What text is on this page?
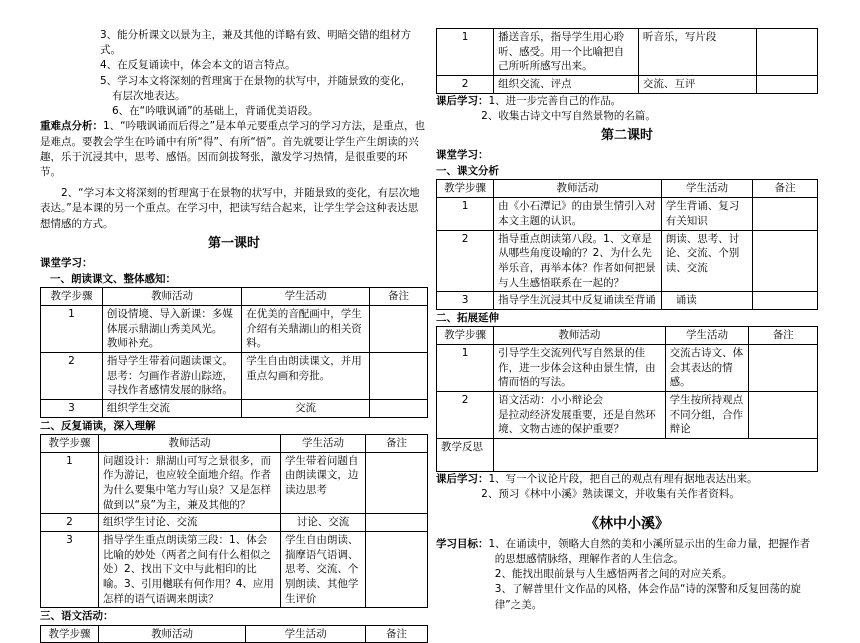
3、能分析课文以景为主，兼及其他的详略有致、明暗交错的组材方式。

4、在反复诵读中，体会本文的语言特点。

5、学习本文将深刻的哲理寓于在景物的状写中，并随景致的变化，

有层次地表达。

6、在“吟哦讽诵”的基础上，背诵优美语段。

重难点分析：1、“吟哦讽诵而后得之”是本单元要重点学习的学习方法，是重点，也是难点。要教会学生在吟诵中有所“得”、有所“悟”。首先就要让学生产生朗读的兴趣，乐于沉浸其中，思考、感悟。因而剑拔弩张，激发学习热情，是很重要的环节。

2、“学习本文将深刻的哲理寓于在景物的状写中，并随景致的变化，有层次地表达。”是本课的另一个重点。在学习中，把读写结合起来，让学生学会这种表达思想情感的方式。

第一课时

课堂学习：

一、朗读课文、整体感知：

教学步骤	教师活动	学生活动	备注
1	创设情境、导入新课：多媒体展示鼎湖山秀美风光。
教师补充。	在优美的音配画中，学生介绍有关鼎湖山的相关资料。	
2	指导学生带着问题读课文。思考：匀画作者游山踪迹，寻找作者感情发展的脉络。	学生自由朗读课文，并用重点勾画和旁批。	
3	组织学生交流	交流	

二、反复诵读，深入理解

教学步骤	教师活动	学生活动	备注
1	问题设计：鼎湖山可写之景很多，而作为游记，也应较全面地介绍。作者为什么要集中笔力写山泉？又是怎样做到以“泉”为主，兼及其他的？	学生带着问题自由朗读课文，边读边思考	
2	组织学生讨论、交流	讨论、交流	
3	指导学生重点朗读第三段：1、体会比喻的妙处（两者之间有什么相似之处）2、找出下文中与此相印的比喻。3、引用樾联有何作用？4、应用怎样的语气语调来朗读？	学生自由朗读、揣摩语气语调、思考、交流、个别朗读、其他学生评价	

三、语文活动：

教学步骤	教师活动	学生活动	备注
1	播送音乐，指导学生用心聆听、感受。用一个比喻把自己所听所感写出来。	听音乐，写片段	
2	组织交流、评点	交流、互评	

课后学习：1、进一步完善自己的作品。

2、收集古诗文中写自然景物的名篇。

第二课时

课堂学习：

一、课文分析

教学步骤	教师活动	学生活动	备注
1	由《小石潭记》的由景生情引入对本文主题的认识。	学生背诵、复习有关知识	
2	指导重点朗读第八段。1、文章是从哪些角度设喻的？2、为什么先举乐音，再举本体？作者如何把景与人生感悟联系在一起的？	朗读、思考、讨论、交流、个别读、交流	
3	指导学生沉浸其中反复诵读至背诵	诵读	

二、拓展延伸

教学步骤	教师活动	学生活动	备注
1	引导学生交流列代写自然景的佳作，进一步体会这种由景生情，由情而悟的写法。	交流古诗文、体会其表达的情感。	
2	语文活动：小小辩论会
是拉动经济发展重要，还是自然环境、文物古迹的保护重要？	学生按所持观点不同分组，合作辩论	
教学反思			

课后学习：1、写一个议论片段，把自己的观点有理有据地表达出来。

2、预习《林中小溪》熟读课文，并收集有关作者资料。

《林中小溪》

学习目标：1、在诵读中，领略大自然的美和小溪所显示出的生命力量，把握作者的思想感情脉络，理解作者的人生信念。

2、能找出眼前景与人生感悟两者之间的对应关系。

3、了解普里什文作品的风格，体会作品“诗的深警和反复回荡的旋律”之美。
